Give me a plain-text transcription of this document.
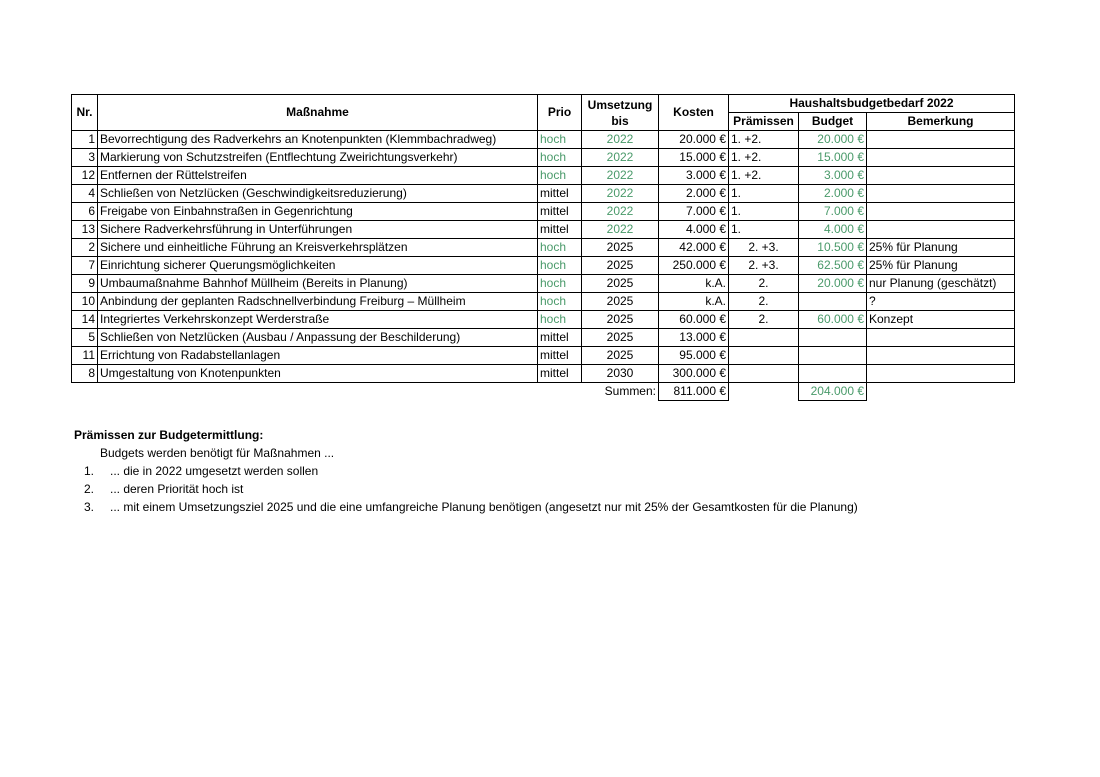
Nr.	Maßnahme	Prio	Umsetzung bis	Kosten	Haushaltsbudgetbedarf 2022		
					Prämissen	Budget	Bemerkung
1	Bevorrechtigung des Radverkehrs an Knotenpunkten (Klemmbachradweg)	hoch	2022	20.000 €	1. +2.	20.000 €	
3	Markierung von Schutzstreifen (Entflechtung Zweirichtungsverkehr)	hoch	2022	15.000 €	1. +2.	15.000 €	
12	Entfernen der Rüttelstreifen	hoch	2022	3.000 €	1. +2.	3.000 €	
4	Schließen von Netzlücken (Geschwindigkeitsreduzierung)	mittel	2022	2.000 €	1.	2.000 €	
6	Freigabe von Einbahnstraßen in Gegenrichtung	mittel	2022	7.000 €	1.	7.000 €	
13	Sichere Radverkehrsführung in Unterführungen	mittel	2022	4.000 €	1.	4.000 €	
2	Sichere und einheitliche Führung an Kreisverkehrsplätzen	hoch	2025	42.000 €	2. +3.	10.500 €	25% für Planung
7	Einrichtung sicherer Querungsmöglichkeiten	hoch	2025	250.000 €	2. +3.	62.500 €	25% für Planung
9	Umbaumaßnahme Bahnhof Müllheim (Bereits in Planung)	hoch	2025	k.A.	2.	20.000 €	nur Planung (geschätzt)
10	Anbindung der geplanten Radschnellverbindung Freiburg – Müllheim	hoch	2025	k.A.	2.		?
14	Integriertes Verkehrskonzept Werderstraße	hoch	2025	60.000 €	2.	60.000 €	Konzept
5	Schließen von Netzlücken (Ausbau / Anpassung der Beschilderung)	mittel	2025	13.000 €			
11	Errichtung von Radabstellanlagen	mittel	2025	95.000 €			
8	Umgestaltung von Knotenpunkten	mittel	2030	300.000 €			
Summen:				811.000 €		204.000 €	
Prämissen zur Budgetermittlung:
Budgets werden benötigt für Maßnahmen ...
1.	... die in 2022 umgesetzt werden sollen
2.	... deren Priorität hoch ist
3.	... mit einem Umsetzungsziel 2025 und die eine umfangreiche Planung benötigen (angesetzt nur mit 25% der Gesamtkosten für die Planung)
